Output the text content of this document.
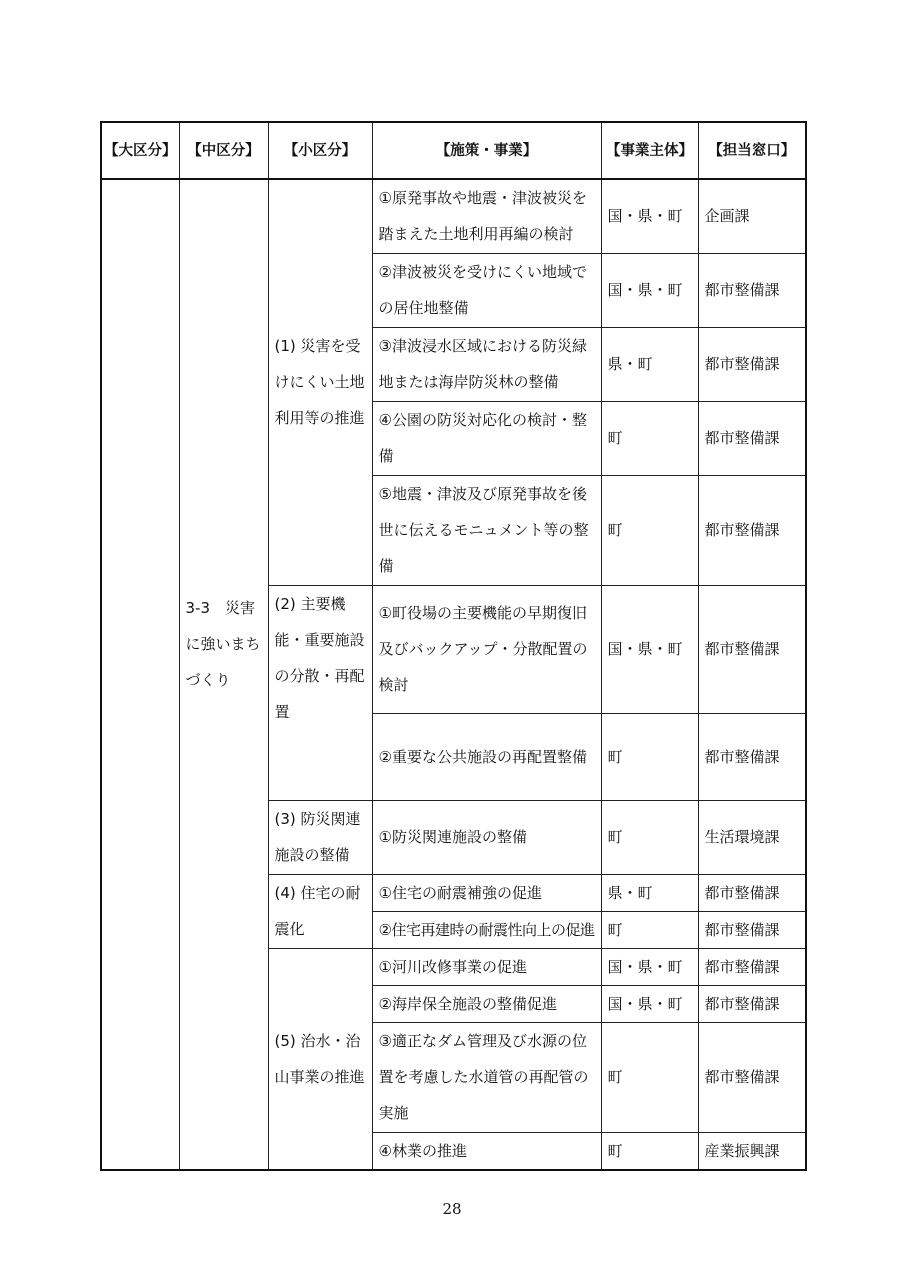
【大区分】	【中区分】	【小区分】	【施策・事業】	【事業主体】	【担当窓口】
	3-3　災害に強いまちづくり	(1) 災害を受けにくい土地利用等の推進	①原発事故や地震・津波被災を踏まえた土地利用再編の検討	国・県・町	企画課
			②津波被災を受けにくい地域での居住地整備	国・県・町	都市整備課
			③津波浸水区域における防災緑地または海岸防災林の整備	県・町	都市整備課
			④公園の防災対応化の検討・整備	町	都市整備課
			⑤地震・津波及び原発事故を後世に伝えるモニュメント等の整備	町	都市整備課
		(2) 主要機能・重要施設の分散・再配置	①町役場の主要機能の早期復旧及びバックアップ・分散配置の検討	国・県・町	都市整備課
			②重要な公共施設の再配置整備	町	都市整備課
		(3) 防災関連施設の整備	①防災関連施設の整備	町	生活環境課
		(4) 住宅の耐震化	①住宅の耐震補強の促進	県・町	都市整備課
			②住宅再建時の耐震性向上の促進	町	都市整備課
		(5) 治水・治山事業の推進	①河川改修事業の促進	国・県・町	都市整備課
			②海岸保全施設の整備促進	国・県・町	都市整備課
			③適正なダム管理及び水源の位置を考慮した水道管の再配管の実施	町	都市整備課
			④林業の推進	町	産業振興課
28
